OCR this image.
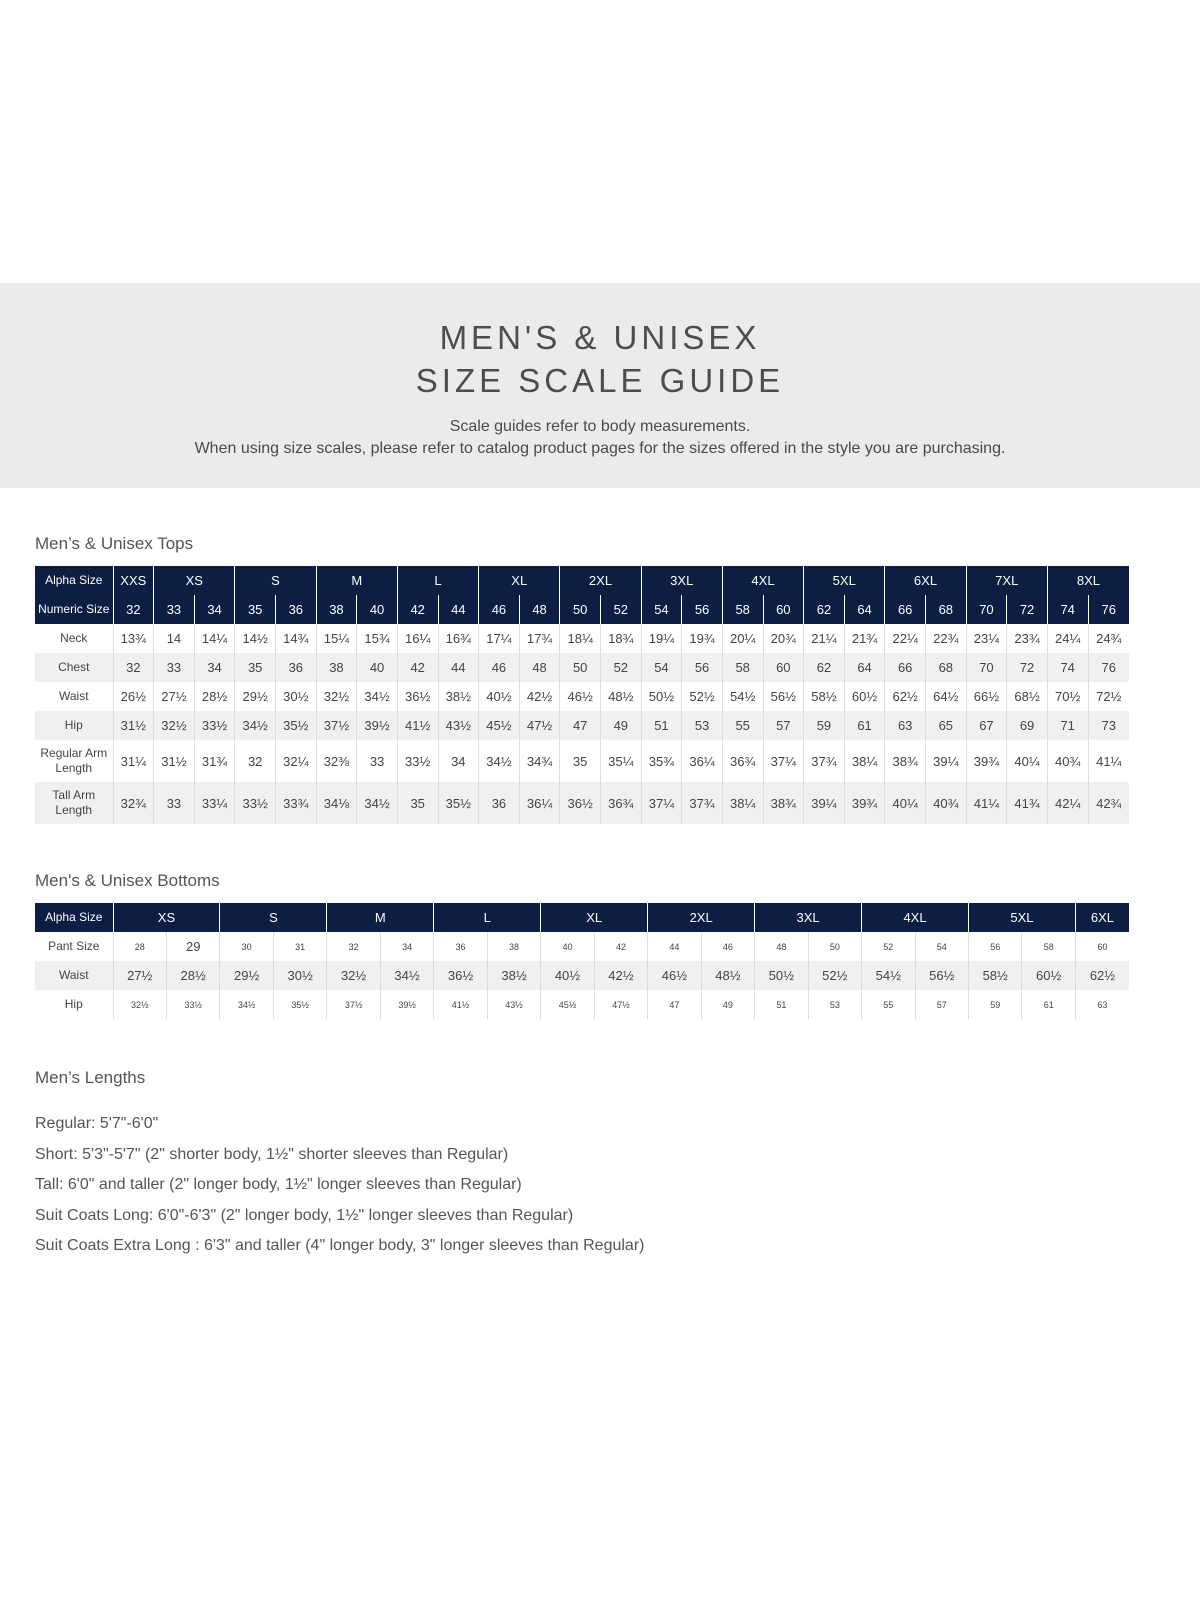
MEN'S & UNISEX
SIZE SCALE GUIDE

Scale guides refer to body measurements.
When using size scales, please refer to catalog product pages for the sizes offered in the style you are purchasing.

Men’s & Unisex Tops
Alpha Size	XXS	XS		S		M		L		XL		2XL		3XL		4XL		5XL		6XL		7XL		8XL	
Numeric Size	32	33	34	35	36	38	40	42	44	46	48	50	52	54	56	58	60	62	64	66	68	70	72	74	76
Neck	13¾	14	14¼	14½	14¾	15¼	15¾	16¼	16¾	17¼	17¾	18¼	18¾	19¼	19¾	20¼	20¾	21¼	21¾	22¼	22¾	23¼	23¾	24¼	24¾
Chest	32	33	34	35	36	38	40	42	44	46	48	50	52	54	56	58	60	62	64	66	68	70	72	74	76
Waist	26½	27½	28½	29½	30½	32½	34½	36½	38½	40½	42½	46½	48½	50½	52½	54½	56½	58½	60½	62½	64½	66½	68½	70½	72½
Hip	31½	32½	33½	34½	35½	37½	39½	41½	43½	45½	47½	47	49	51	53	55	57	59	61	63	65	67	69	71	73
Regular Arm Length	31¼	31½	31¾	32	32¼	32⅜	33	33½	34	34½	34¾	35	35¼	35¾	36¼	36¾	37¼	37¾	38¼	38¾	39¼	39¾	40¼	40¾	41¼
Tall Arm Length	32¾	33	33¼	33½	33¾	34⅛	34½	35	35½	36	36¼	36½	36¾	37¼	37¾	38¼	38¾	39¼	39¾	40¼	40¾	41¼	41¾	42¼	42¾
Men's & Unisex Bottoms
Alpha Size	XS		S		M		L		XL		2XL		3XL		4XL		5XL		6XL
Pant Size	28	29	30	31	32	34	36	38	40	42	44	46	48	50	52	54	56	58	60
Waist	27½	28½	29½	30½	32½	34½	36½	38½	40½	42½	46½	48½	50½	52½	54½	56½	58½	60½	62½
Hip	32½	33½	34½	35½	37½	39½	41½	43½	45½	47½	47	49	51	53	55	57	59	61	63
Men’s Lengths
Regular: 5'7"-6'0"
Short: 5'3"-5'7" (2" shorter body, 1½" shorter sleeves than Regular)
Tall: 6'0" and taller (2" longer body, 1½" longer sleeves than Regular)
Suit Coats Long: 6'0"-6'3" (2" longer body, 1½" longer sleeves than Regular)
Suit Coats Extra Long : 6'3" and taller (4" longer body, 3" longer sleeves than Regular)
